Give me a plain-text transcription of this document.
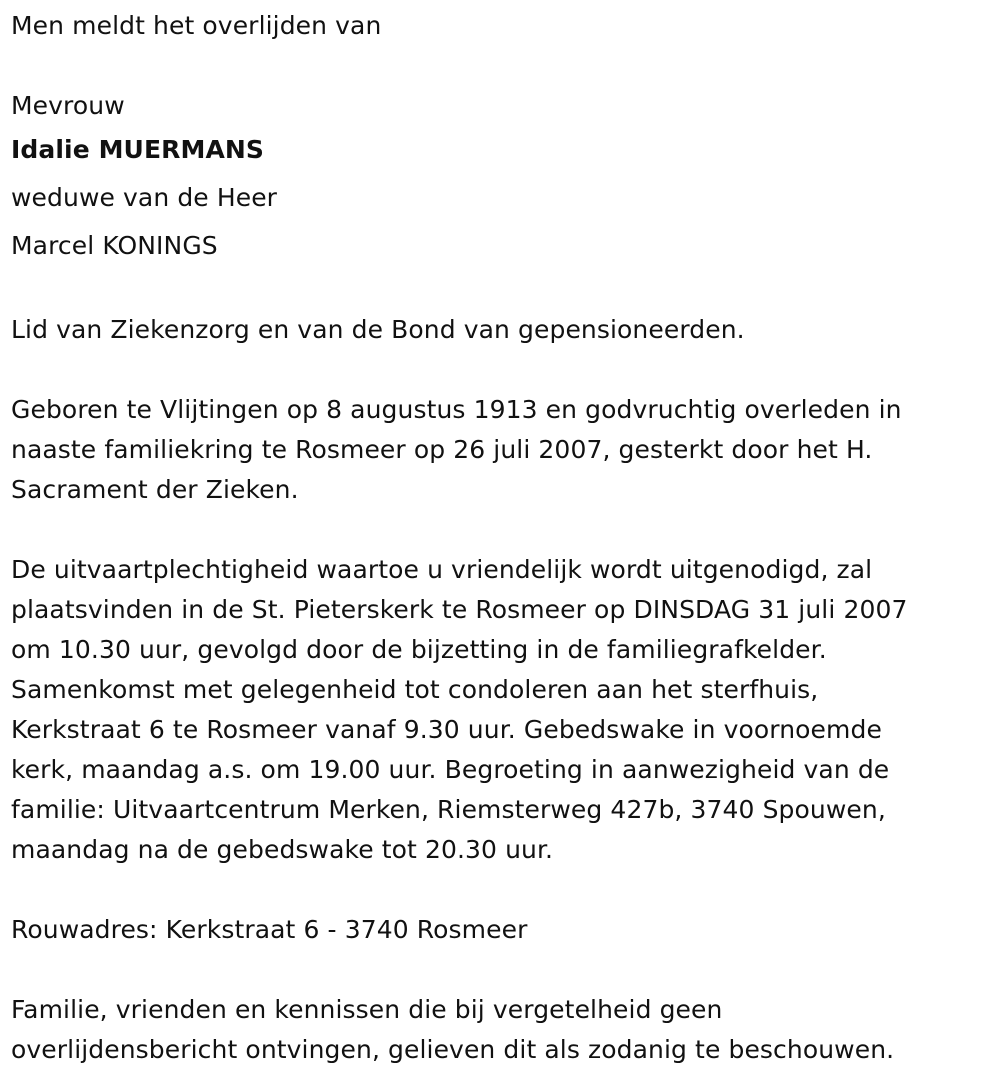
Men meldt het overlijden van
Mevrouw
Idalie MUERMANS
weduwe van de Heer
Marcel KONINGS
Lid van Ziekenzorg en van de Bond van gepensioneerden.
Geboren te Vlijtingen op 8 augustus 1913 en godvruchtig overleden in
naaste familiekring te Rosmeer op 26 juli 2007, gesterkt door het H.
Sacrament der Zieken.
De uitvaartplechtigheid waartoe u vriendelijk wordt uitgenodigd, zal
plaatsvinden in de St. Pieterskerk te Rosmeer op DINSDAG 31 juli 2007
om 10.30 uur, gevolgd door de bijzetting in de familiegrafkelder.
Samenkomst met gelegenheid tot condoleren aan het sterfhuis,
Kerkstraat 6 te Rosmeer vanaf 9.30 uur. Gebedswake in voornoemde
kerk, maandag a.s. om 19.00 uur. Begroeting in aanwezigheid van de
familie: Uitvaartcentrum Merken, Riemsterweg 427b, 3740 Spouwen,
maandag na de gebedswake tot 20.30 uur.
Rouwadres: Kerkstraat 6 - 3740 Rosmeer
Familie, vrienden en kennissen die bij vergetelheid geen
overlijdensbericht ontvingen, gelieven dit als zodanig te beschouwen.
